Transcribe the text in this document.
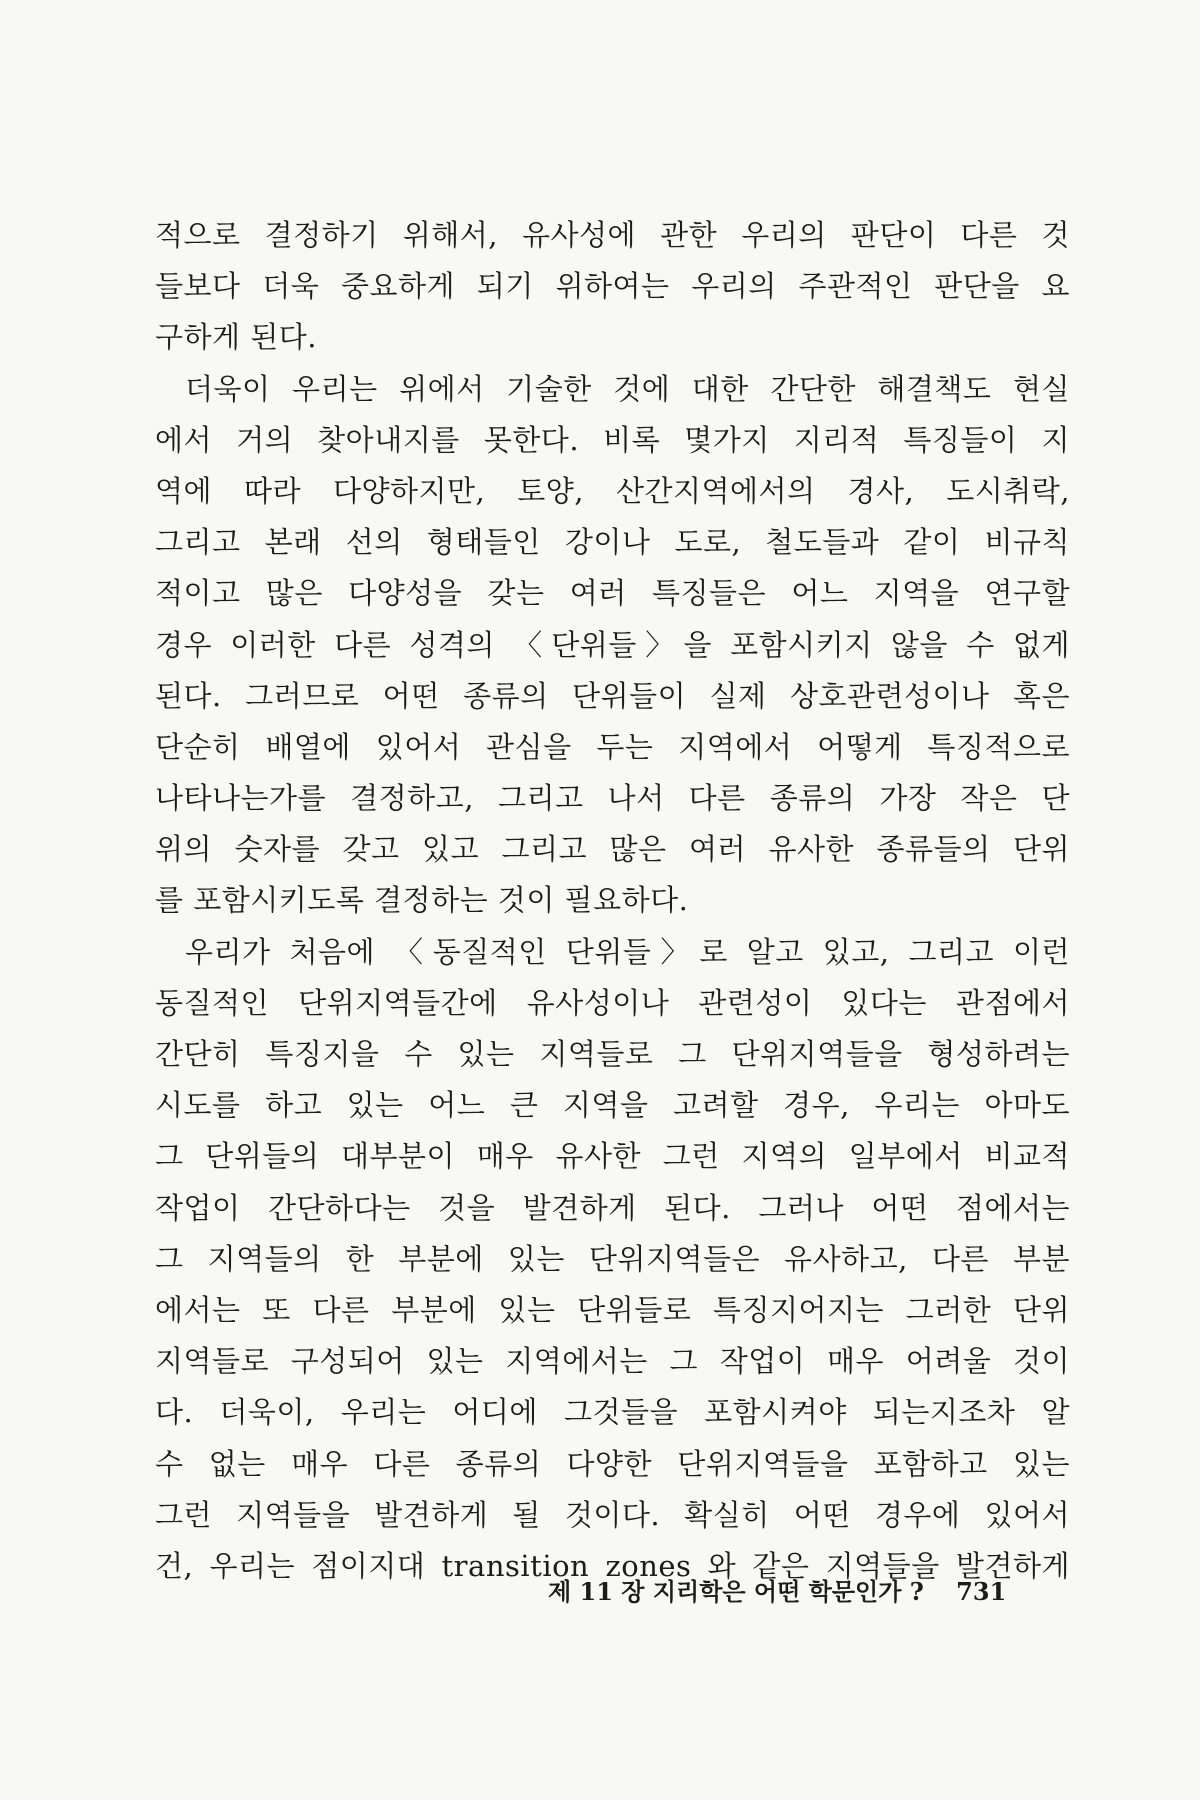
적으로 결정하기 위해서, 유사성에 관한 우리의 판단이 다른 것
들보다 더욱 중요하게 되기 위하여는 우리의 주관적인 판단을 요
구하게 된다.
더욱이 우리는 위에서 기술한 것에 대한 간단한 해결책도 현실
에서 거의 찾아내지를 못한다. 비록 몇가지 지리적 특징들이 지
역에 따라 다양하지만, 토양, 산간지역에서의 경사, 도시취락,
그리고 본래 선의 형태들인 강이나 도로, 철도들과 같이 비규칙
적이고 많은 다양성을 갖는 여러 특징들은 어느 지역을 연구할
경우 이러한 다른 성격의 〈단위들〉을 포함시키지 않을 수 없게
된다. 그러므로 어떤 종류의 단위들이 실제 상호관련성이나 혹은
단순히 배열에 있어서 관심을 두는 지역에서 어떻게 특징적으로
나타나는가를 결정하고, 그리고 나서 다른 종류의 가장 작은 단
위의 숫자를 갖고 있고 그리고 많은 여러 유사한 종류들의 단위
를 포함시키도록 결정하는 것이 필요하다.
우리가 처음에 〈동질적인 단위들〉로 알고 있고, 그리고 이런
동질적인 단위지역들간에 유사성이나 관련성이 있다는 관점에서
간단히 특징지을 수 있는 지역들로 그 단위지역들을 형성하려는
시도를 하고 있는 어느 큰 지역을 고려할 경우, 우리는 아마도
그 단위들의 대부분이 매우 유사한 그런 지역의 일부에서 비교적
작업이 간단하다는 것을 발견하게 된다. 그러나 어떤 점에서는
그 지역들의 한 부분에 있는 단위지역들은 유사하고, 다른 부분
에서는 또 다른 부분에 있는 단위들로 특징지어지는 그러한 단위
지역들로 구성되어 있는 지역에서는 그 작업이 매우 어려울 것이
다. 더욱이, 우리는 어디에 그것들을 포함시켜야 되는지조차 알
수 없는 매우 다른 종류의 다양한 단위지역들을 포함하고 있는
그런 지역들을 발견하게 될 것이다. 확실히 어떤 경우에 있어서
건, 우리는 점이지대 transition zones 와 같은 지역들을 발견하게
제 11 장 지리학은 어떤 학문인가 ? 731
